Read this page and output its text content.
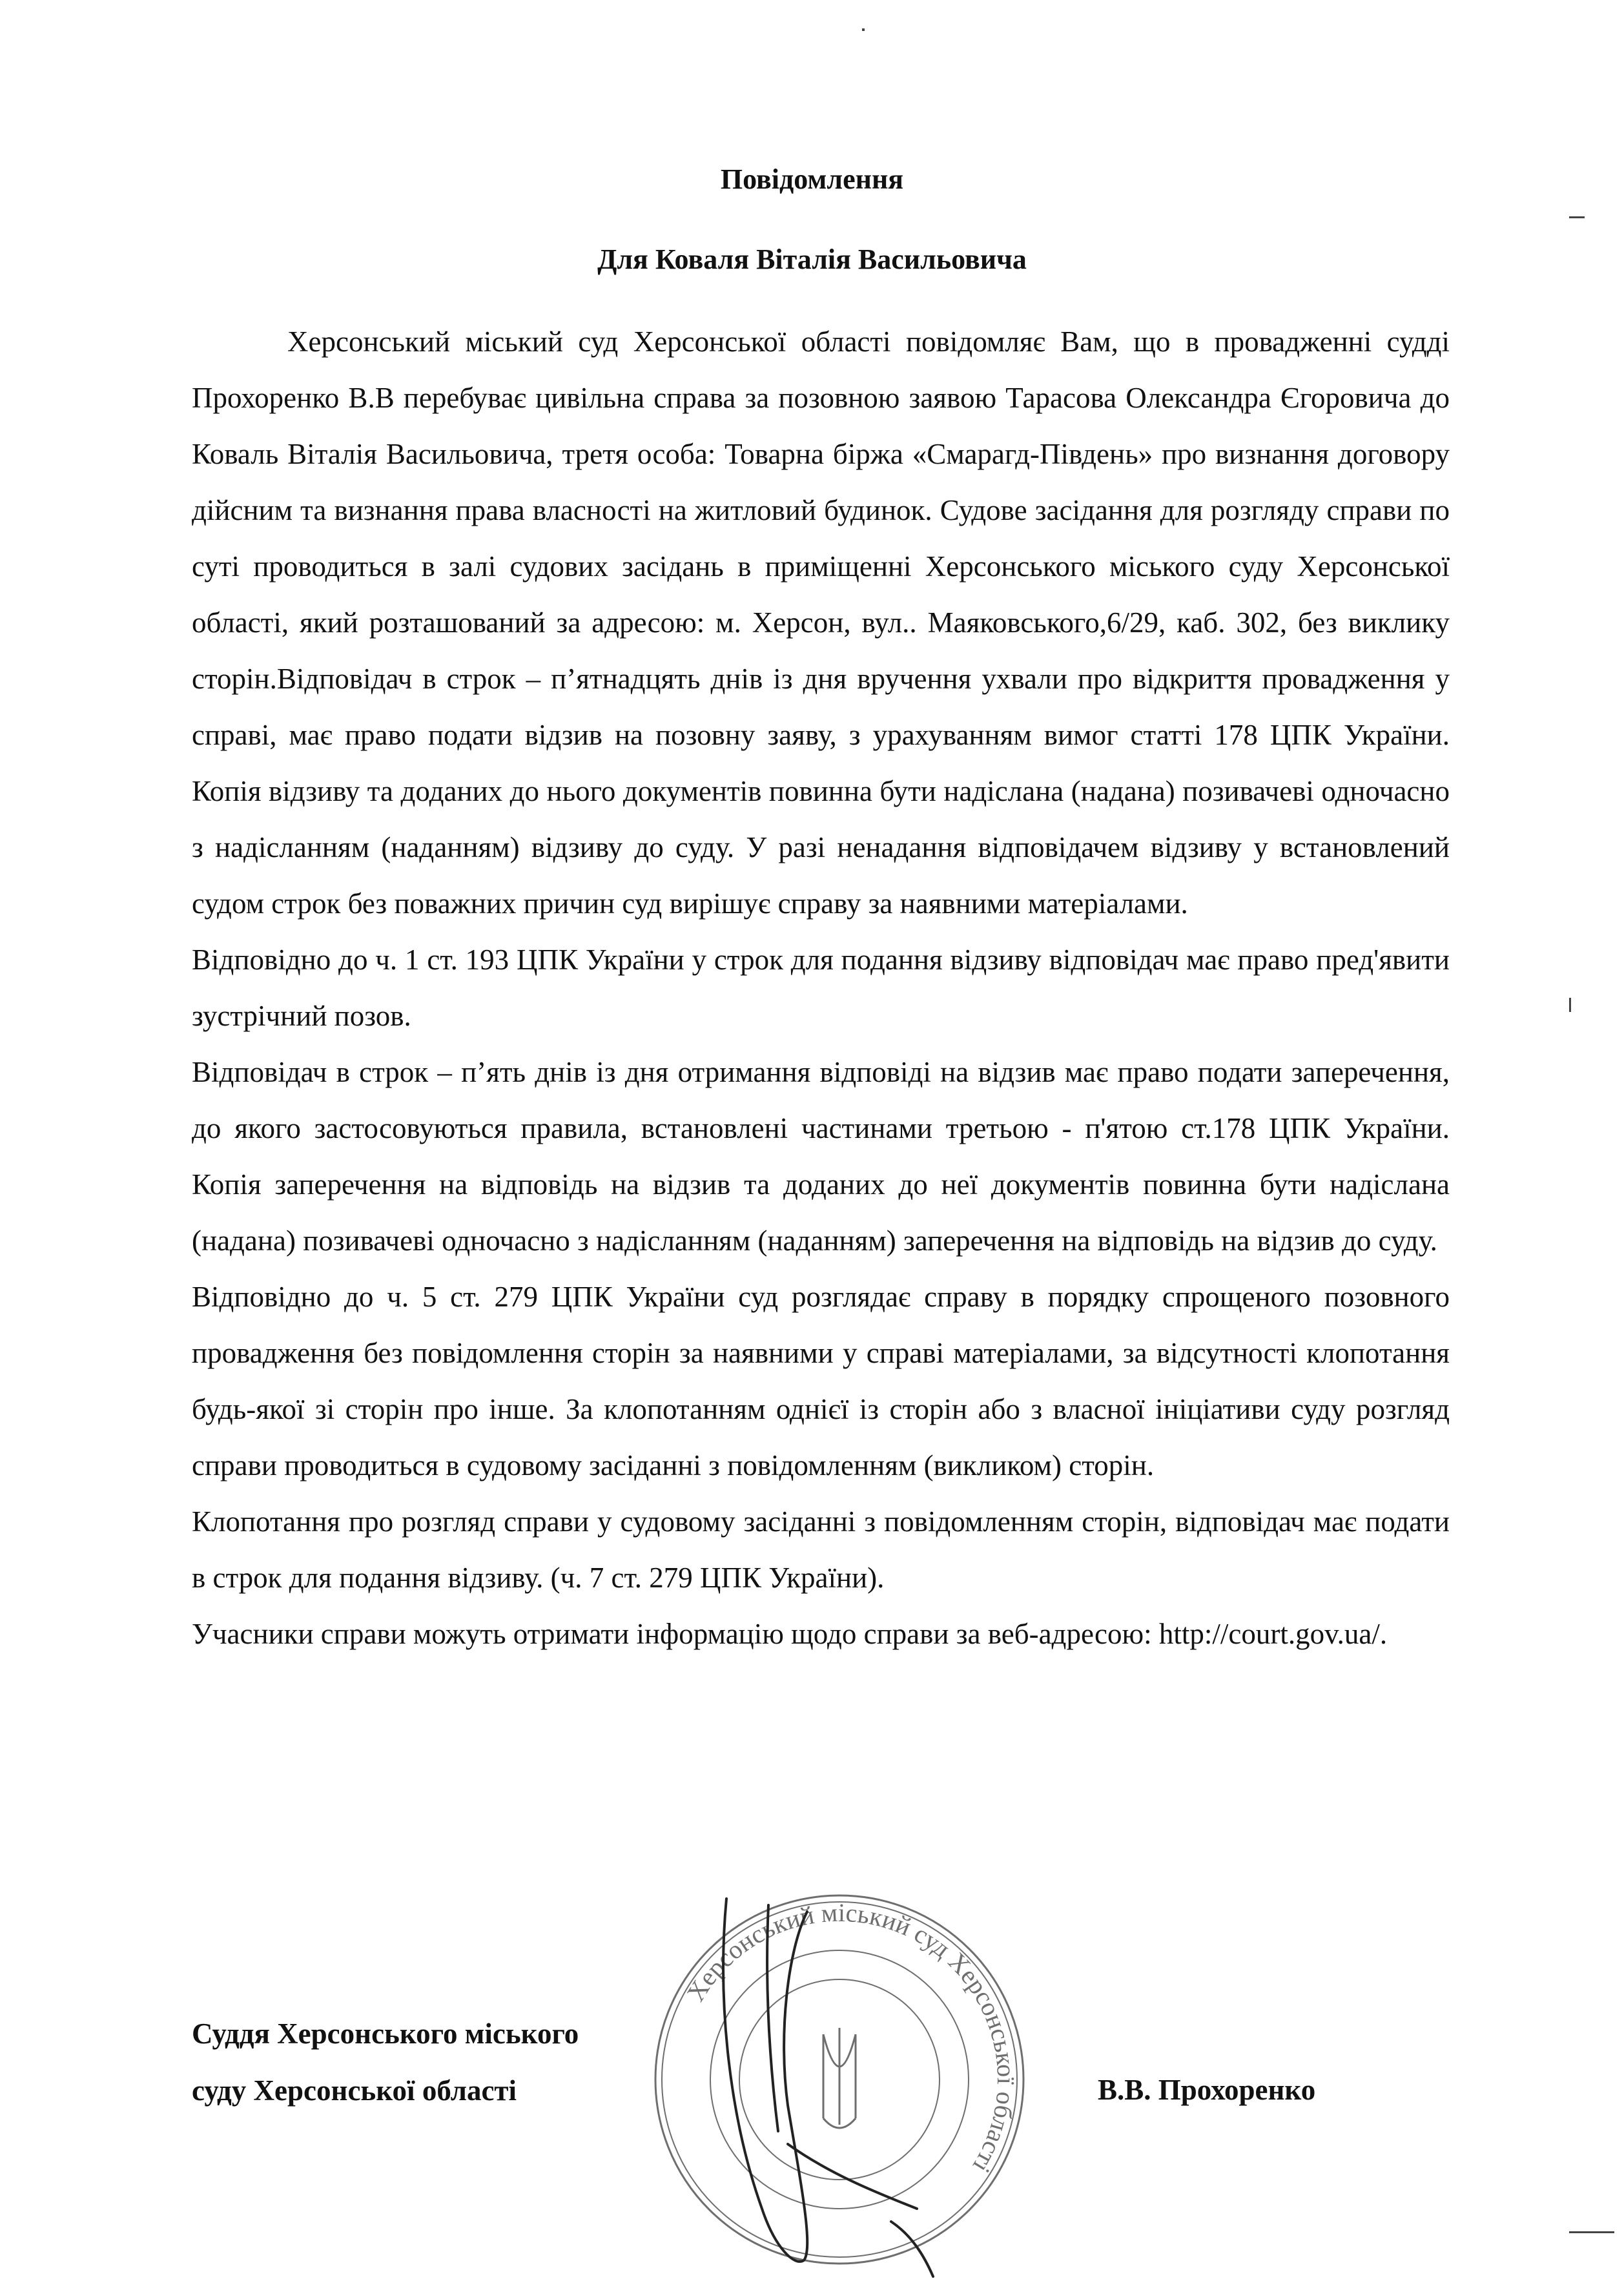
Повідомлення
Для Коваля Віталія Васильовича

Херсонський міський суд Херсонської області повідомляє Вам, що в провадженні судді Прохоренко В.В перебуває цивільна справа за позовною заявою Тарасова Олександра Єгоровича до Коваль Віталія Васильовича, третя особа: Товарна біржа «Смарагд-Південь» про визнання договору дійсним та визнання права власності на житловий будинок. Судове засідання для розгляду справи по суті проводиться в залі судових засідань в приміщенні Херсонського міського суду Херсонської області, який розташований за адресою: м. Херсон, вул.. Маяковського,6/29, каб. 302, без виклику сторін.Відповідач в строк – п’ятнадцять днів із дня вручення ухвали про відкриття провадження у справі, має право подати відзив на позовну заяву, з урахуванням вимог статті 178 ЦПК України. Копія відзиву та доданих до нього документів повинна бути надіслана (надана) позивачеві одночасно з надісланням (наданням) відзиву до суду. У разі ненадання відповідачем відзиву у встановлений судом строк без поважних причин суд вирішує справу за наявними матеріалами.

Відповідно до ч. 1 ст. 193 ЦПК України у строк для подання відзиву відповідач має право пред'явити зустрічний позов.

Відповідач в строк – п’ять днів із дня отримання відповіді на відзив має право подати заперечення, до якого застосовуються правила, встановлені частинами третьою - п'ятою ст.178 ЦПК України. Копія заперечення на відповідь на відзив та доданих до неї документів повинна бути надіслана (надана) позивачеві одночасно з надісланням (наданням) заперечення на відповідь на відзив до суду.

Відповідно до ч. 5 ст. 279 ЦПК України суд розглядає справу в порядку спрощеного позовного провадження без повідомлення сторін за наявними у справі матеріалами, за відсутності клопотання будь-якої зі сторін про інше. За клопотанням однієї із сторін або з власної ініціативи суду розгляд справи проводиться в судовому засіданні з повідомленням (викликом) сторін.

Клопотання про розгляд справи у судовому засіданні з повідомленням сторін, відповідач має подати в строк для подання відзиву. (ч. 7 ст. 279 ЦПК України).

Учасники справи можуть отримати інформацію щодо справи за веб-адресою: http://court.gov.ua/.

Суддя Херсонського міського
суду Херсонської області	В.В. Прохоренко
Херсонський міський суд Херсонської області
